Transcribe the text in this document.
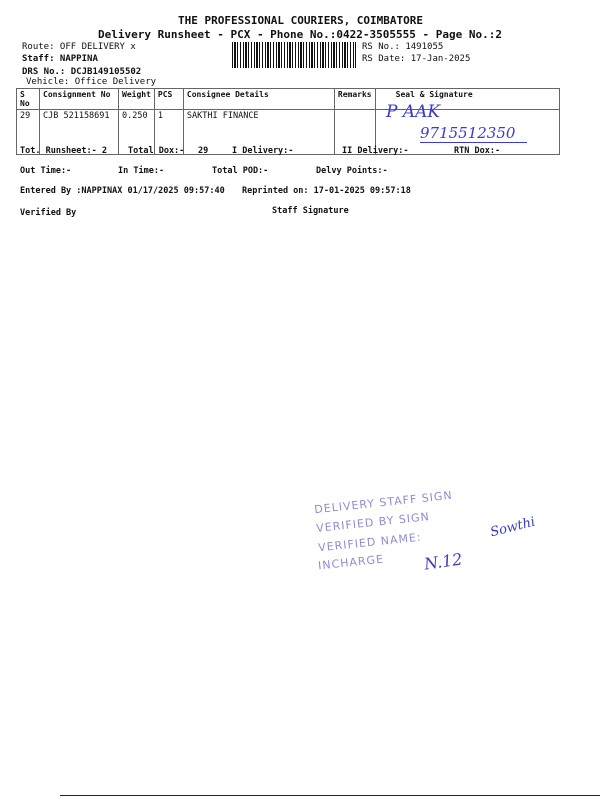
THE PROFESSIONAL COURIERS, COIMBATORE
Delivery Runsheet - PCX - Phone No.:0422-3505555 - Page No.:2
Route: OFF DELIVERY x
Staff: NAPPINA
DRS No.: DCJB149105502
Vehicle: Office Delivery
RS No.: 1491055
RS Date: 17-Jan-2025
S No	Consignment No	Weight	PCS	Consignee Details	Remarks	Seal & Signature
29	CJB 521158691	0.250	1	SAKTHI FINANCE			P AAK
9715512350
Tot. Runsheet:- 2 Total Dox:- 29	I Delivery:-	II Delivery:-	RTN Dox:-
Out Time:-	In Time:-	Total POD:-	Delvy Points:-
Entered By :NAPPINAX 01/17/2025 09:57:40 Reprinted on: 17-01-2025 09:57:18
Verified By	Staff Signature
DELIVERY STAFF SIGN
VERIFIED BY SIGN
VERIFIED NAME:
INCHARGE
Sowthi
N.12
